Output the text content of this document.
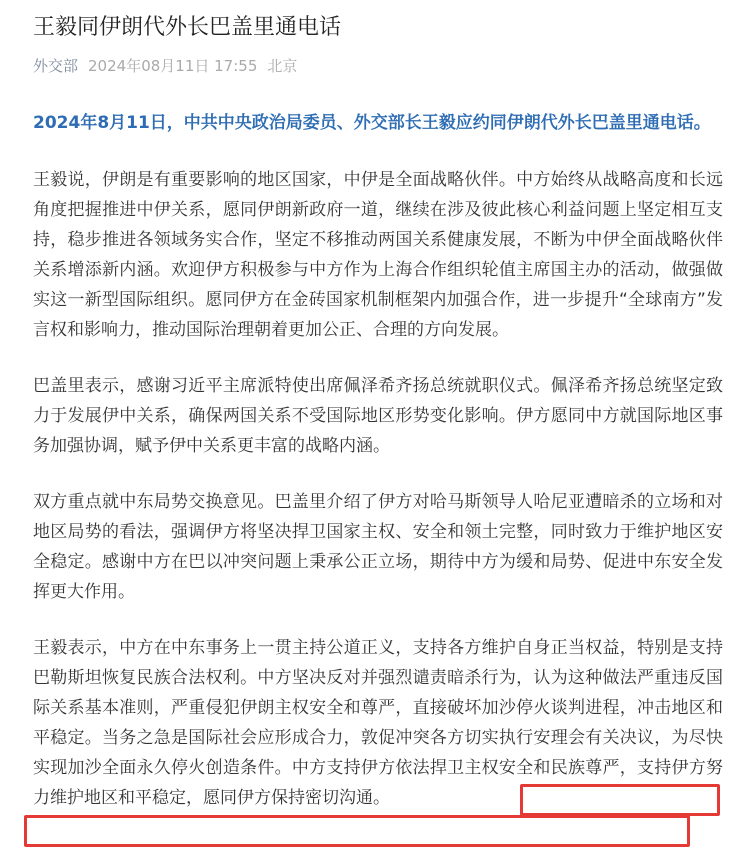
王毅同伊朗代外长巴盖里通电话
外交部 2024年08月11日 17:55 北京
2024年8月11日，中共中央政治局委员、外交部长王毅应约同伊朗代外长巴盖里通电话。
王毅说，伊朗是有重要影响的地区国家，中伊是全面战略伙伴。中方始终从战略高度和长远角度把握推进中伊关系，愿同伊朗新政府一道，继续在涉及彼此核心利益问题上坚定相互支持，稳步推进各领域务实合作，坚定不移推动两国关系健康发展，不断为中伊全面战略伙伴关系增添新内涵。欢迎伊方积极参与中方作为上海合作组织轮值主席国主办的活动，做强做实这一新型国际组织。愿同伊方在金砖国家机制框架内加强合作，进一步提升“全球南方”发言权和影响力，推动国际治理朝着更加公正、合理的方向发展。
巴盖里表示，感谢习近平主席派特使出席佩泽希齐扬总统就职仪式。佩泽希齐扬总统坚定致力于发展伊中关系，确保两国关系不受国际地区形势变化影响。伊方愿同中方就国际地区事务加强协调，赋予伊中关系更丰富的战略内涵。
双方重点就中东局势交换意见。巴盖里介绍了伊方对哈马斯领导人哈尼亚遭暗杀的立场和对地区局势的看法，强调伊方将坚决捍卫国家主权、安全和领土完整，同时致力于维护地区安全稳定。感谢中方在巴以冲突问题上秉承公正立场，期待中方为缓和局势、促进中东安全发挥更大作用。
王毅表示，中方在中东事务上一贯主持公道正义，支持各方维护自身正当权益，特别是支持巴勒斯坦恢复民族合法权利。中方坚决反对并强烈谴责暗杀行为，认为这种做法严重违反国际关系基本准则，严重侵犯伊朗主权安全和尊严，直接破坏加沙停火谈判进程，冲击地区和平稳定。当务之急是国际社会应形成合力，敦促冲突各方切实执行安理会有关决议，为尽快实现加沙全面永久停火创造条件。中方支持伊方依法捍卫主权安全和民族尊严，支持伊方努力维护地区和平稳定，愿同伊方保持密切沟通。
